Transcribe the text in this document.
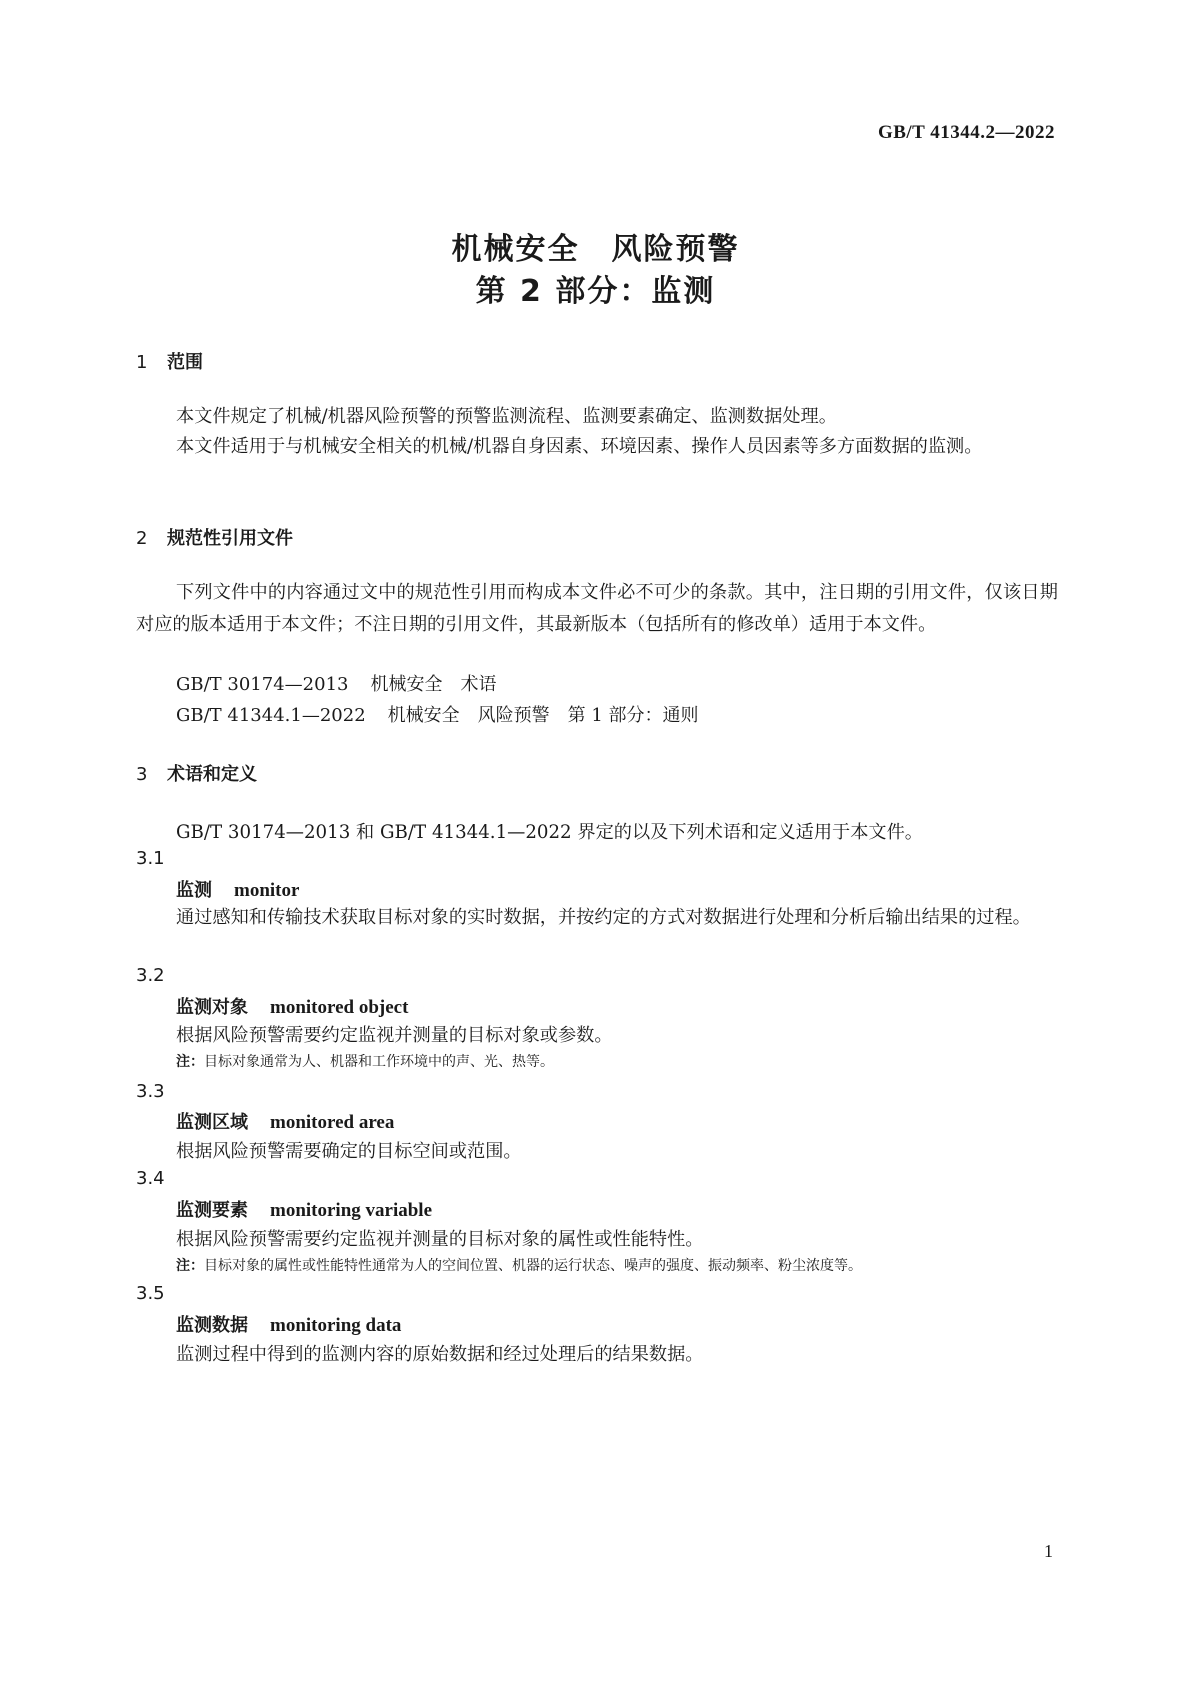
GB/T 41344.2—2022
机械安全　风险预警
第 2 部分：监测
1 范围

本文件规定了机械/机器风险预警的预警监测流程、监测要素确定、监测数据处理。

本文件适用于与机械安全相关的机械/机器自身因素、环境因素、操作人员因素等多方面数据的监测。

2 规范性引用文件

下列文件中的内容通过文中的规范性引用而构成本文件必不可少的条款。其中，注日期的引用文件，仅该日期对应的版本适用于本文件；不注日期的引用文件，其最新版本（包括所有的修改单）适用于本文件。

GB/T 30174—2013 机械安全　术语
GB/T 41344.1—2022 机械安全　风险预警　第 1 部分：通则
3 术语和定义
GB/T 30174—2013 和 GB/T 41344.1—2022 界定的以及下列术语和定义适用于本文件。
3.1
监测 monitor

通过感知和传输技术获取目标对象的实时数据，并按约定的方式对数据进行处理和分析后输出结果的过程。

3.2
监测对象 monitored object
根据风险预警需要约定监视并测量的目标对象或参数。
注：目标对象通常为人、机器和工作环境中的声、光、热等。
3.3
监测区域 monitored area
根据风险预警需要确定的目标空间或范围。
3.4
监测要素 monitoring variable
根据风险预警需要约定监视并测量的目标对象的属性或性能特性。
注：目标对象的属性或性能特性通常为人的空间位置、机器的运行状态、噪声的强度、振动频率、粉尘浓度等。
3.5
监测数据 monitoring data
监测过程中得到的监测内容的原始数据和经过处理后的结果数据。
1
